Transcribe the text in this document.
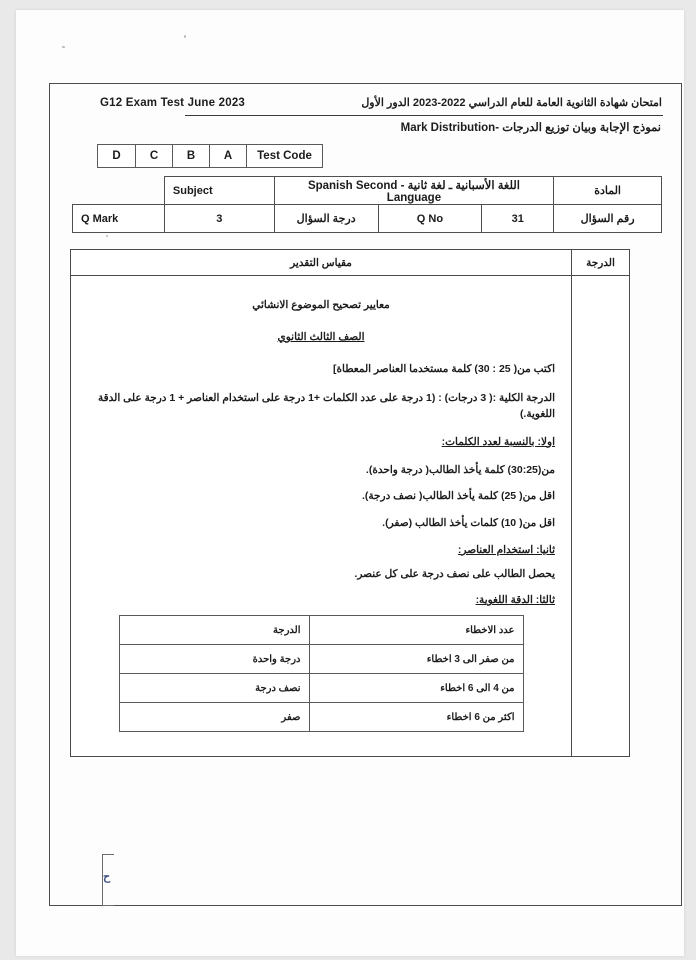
G12 Exam Test June 2023	امتحان شهادة الثانوية العامة للعام الدراسي 2022-2023 الدور الأول
نموذج الإجابة وبيان توزيع الدرجات -Mark Distribution
Test Code
A
B
C
D
المادة	اللغة الأسبانية ـ لغة ثانية - Spanish Second Language			Subject	
رقم السؤال	31	Q No	درجة السؤال	3	Q Mark
الدرجة
مقياس التقدير

معايير تصحيح الموضوع الانشائي

الصف الثالث الثانوي

اكتب من( 25 : 30) كلمة مستخدما العناصر المعطاة]

الدرجة الكلية :( 3 درجات) : (1 درجة على عدد الكلمات +1 درجة على استخدام العناصر + 1 درجة على الدقة اللغوية.)

اولا: بالنسبة لعدد الكلمات:

من(30:25) كلمة يأخذ الطالب( درجة واحدة).

اقل من( 25) كلمة يأخذ الطالب( نصف درجة).

اقل من( 10) كلمات يأخذ الطالب (صفر).

ثانيا: استخدام العناصر:

يحصل الطالب على نصف درجة على كل عنصر.

ثالثا: الدقة اللغوية:

عدد الاخطاء	الدرجة
من صفر الى 3 اخطاء	درجة واحدة
من 4 الى 6 اخطاء	نصف درجة
اكثر من 6 اخطاء	صفر
ح
